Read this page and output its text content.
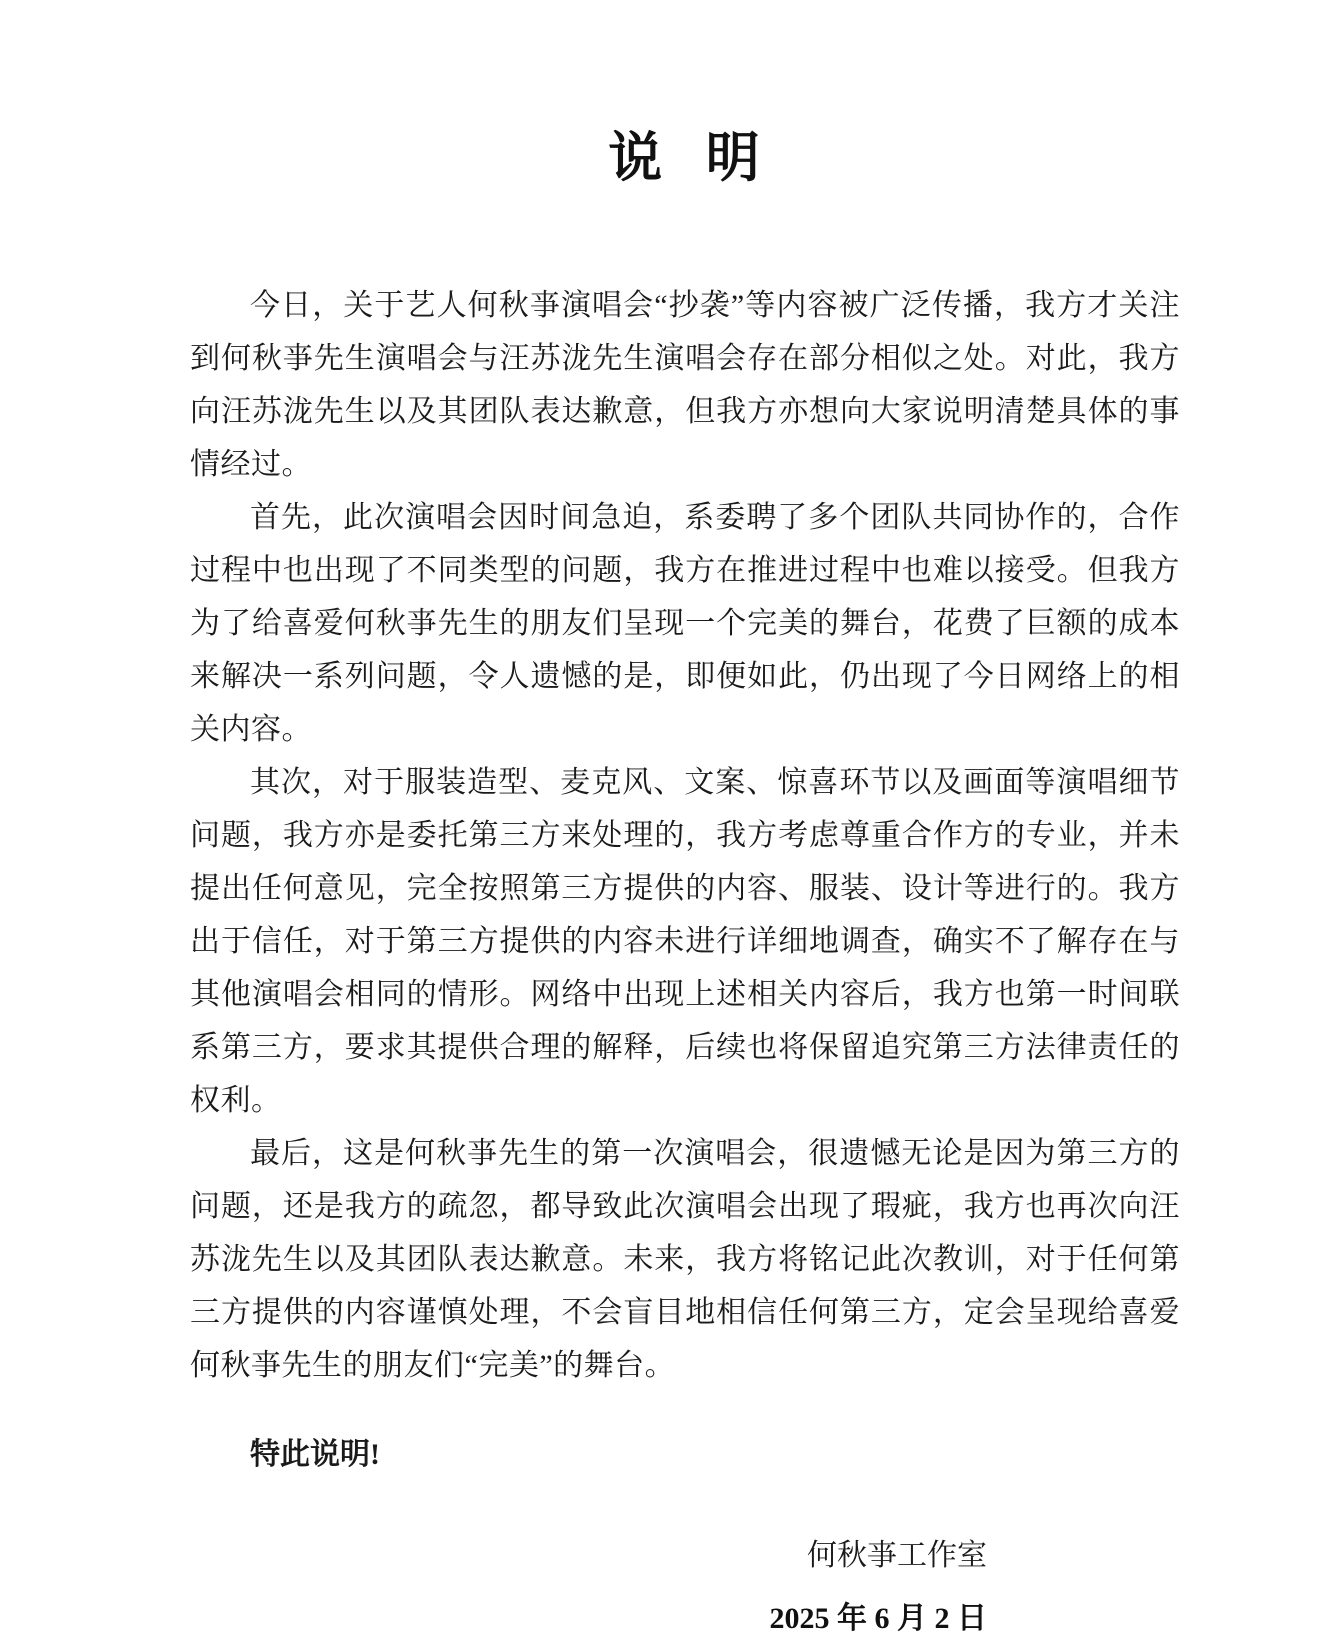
说 明

今日，关于艺人何秋亊演唱会“抄袭”等内容被广泛传播，我方才关注到何秋亊先生演唱会与汪苏泷先生演唱会存在部分相似之处。对此，我方向汪苏泷先生以及其团队表达歉意，但我方亦想向大家说明清楚具体的事情经过。

首先，此次演唱会因时间急迫，系委聘了多个团队共同协作的，合作过程中也出现了不同类型的问题，我方在推进过程中也难以接受。但我方为了给喜爱何秋亊先生的朋友们呈现一个完美的舞台，花费了巨额的成本来解决一系列问题，令人遗憾的是，即便如此，仍出现了今日网络上的相关内容。

其次，对于服装造型、麦克风、文案、惊喜环节以及画面等演唱细节问题，我方亦是委托第三方来处理的，我方考虑尊重合作方的专业，并未提出任何意见，完全按照第三方提供的内容、服装、设计等进行的。我方出于信任，对于第三方提供的内容未进行详细地调查，确实不了解存在与其他演唱会相同的情形。网络中出现上述相关内容后，我方也第一时间联系第三方，要求其提供合理的解释，后续也将保留追究第三方法律责任的权利。

最后，这是何秋亊先生的第一次演唱会，很遗憾无论是因为第三方的问题，还是我方的疏忽，都导致此次演唱会出现了瑕疵，我方也再次向汪苏泷先生以及其团队表达歉意。未来，我方将铭记此次教训，对于任何第三方提供的内容谨慎处理，不会盲目地相信任何第三方，定会呈现给喜爱何秋亊先生的朋友们“完美”的舞台。

特此说明!

何秋亊工作室

2025 年 6 月 2 日
